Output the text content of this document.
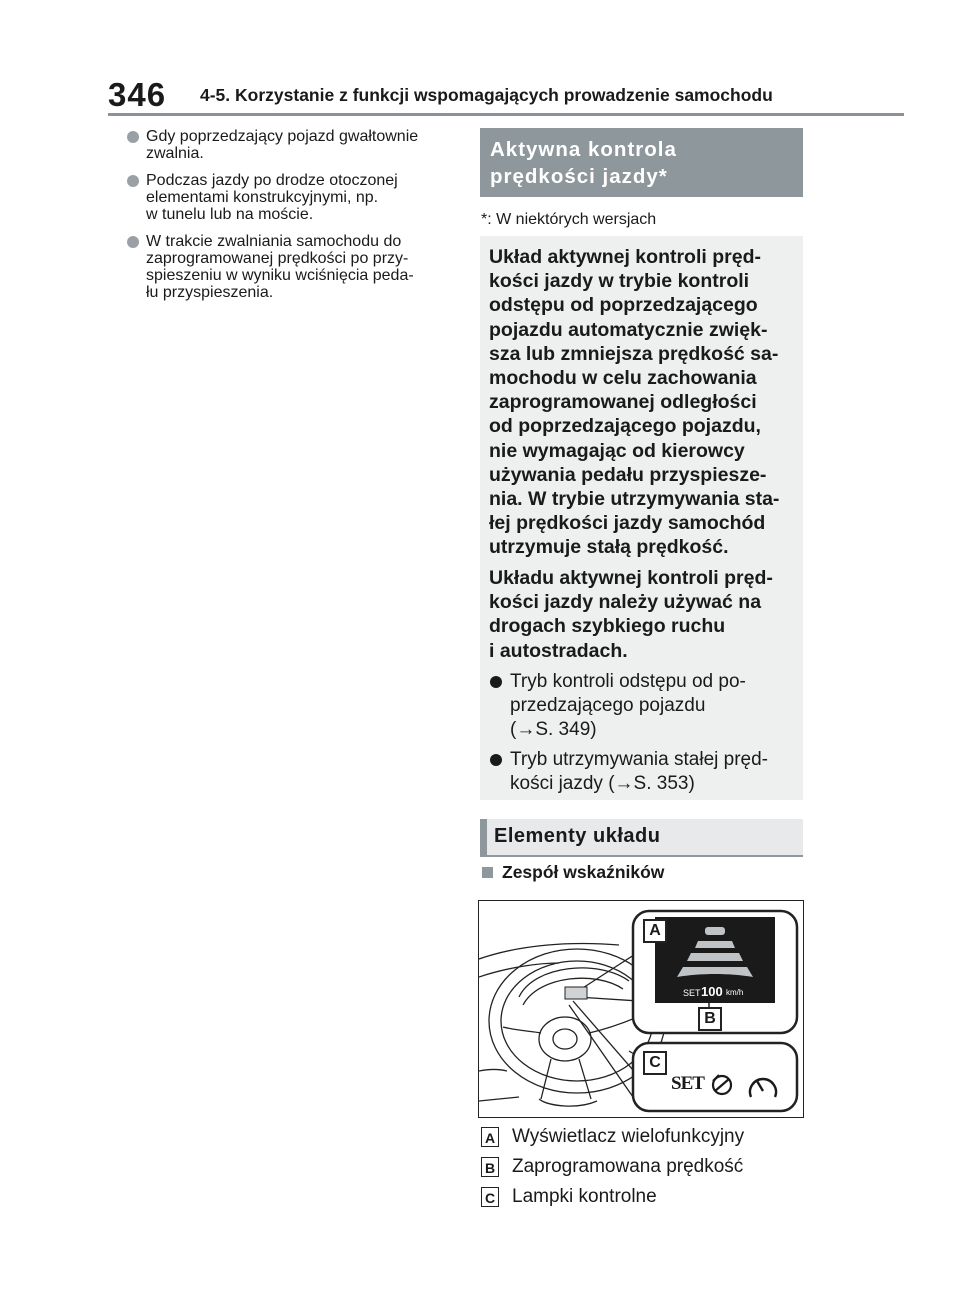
346 4-5. Korzystanie z funkcji wspomagających prowadzenie samochodu
Gdy poprzedzający pojazd gwałtownie
zwalnia.
Podczas jazdy po drodze otoczonej
elementami konstrukcyjnymi, np.
w tunelu lub na moście.
W trakcie zwalniania samochodu do
zaprogramowanej prędkości po przy-
spieszeniu w wyniku wciśnięcia peda-
łu przyspieszenia.
Aktywna kontrola
prędkości jazdy*
*: W niektórych wersjach
Układ aktywnej kontroli pręd-
kości jazdy w trybie kontroli
odstępu od poprzedzającego
pojazdu automatycznie zwięk-
sza lub zmniejsza prędkość sa-
mochodu w celu zachowania
zaprogramowanej odległości
od poprzedzającego pojazdu,
nie wymagając od kierowcy
używania pedału przyspiesze-
nia. W trybie utrzymywania sta-
łej prędkości jazdy samochód
utrzymuje stałą prędkość.
Układu aktywnej kontroli pręd-
kości jazdy należy używać na
drogach szybkiego ruchu
i autostradach.
Tryb kontroli odstępu od po-
przedzającego pojazdu
(→S. 349)
Tryb utrzymywania stałej pręd-
kości jazdy (→S. 353)
Elementy układu
Zespół wskaźników
SET 100 km/h
SET
A
B
C
A Wyświetlacz wielofunkcyjny
B Zaprogramowana prędkość
C Lampki kontrolne
